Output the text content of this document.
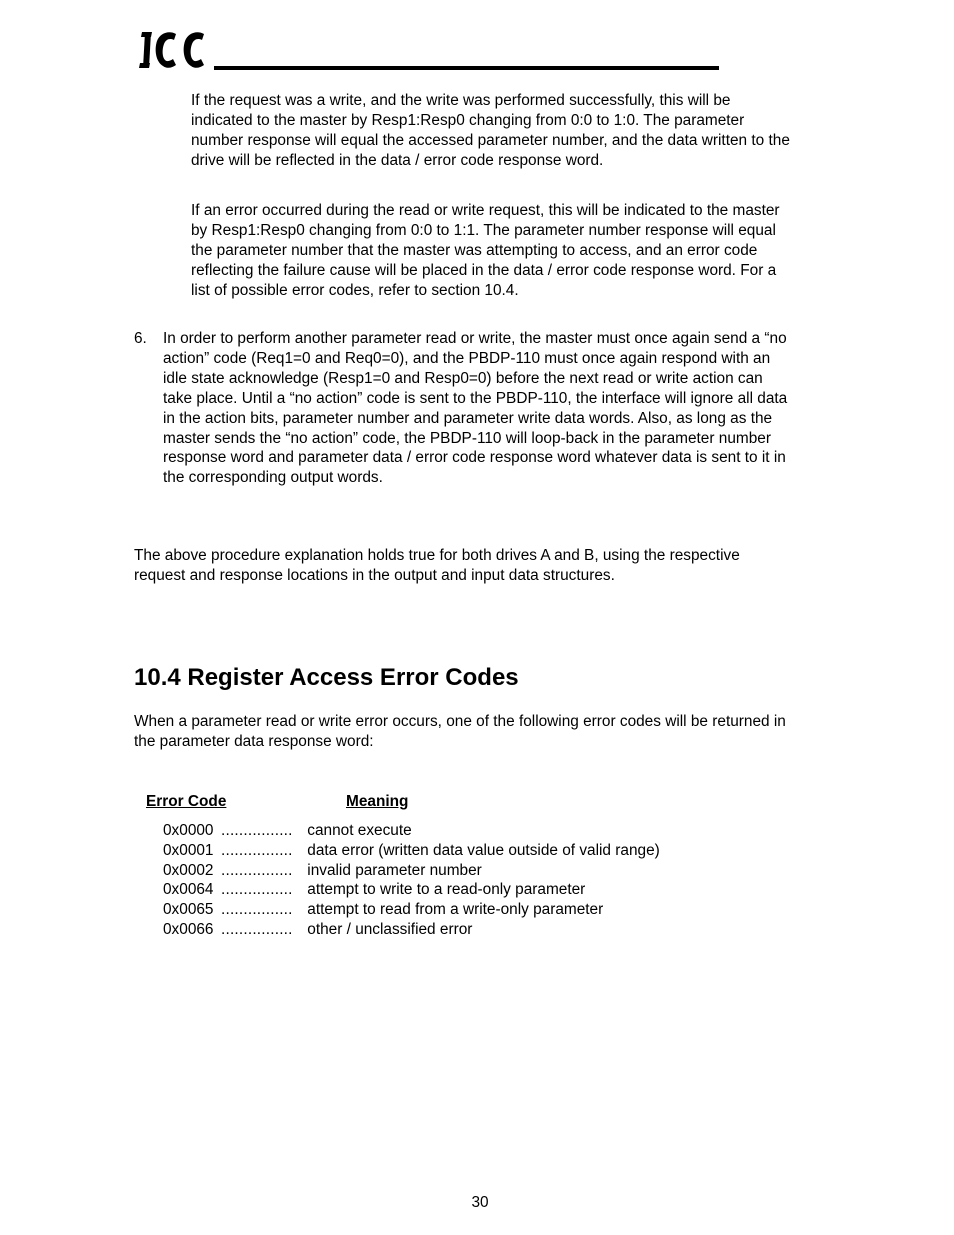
If the request was a write, and the write was performed successfully, this will be indicated to the master by Resp1:Resp0 changing from 0:0 to 1:0. The parameter number response will equal the accessed parameter number, and the data written to the drive will be reflected in the data / error code response word.

If an error occurred during the read or write request, this will be indicated to the master by Resp1:Resp0 changing from 0:0 to 1:1. The parameter number response will equal the parameter number that the master was attempting to access, and an error code reflecting the failure cause will be placed in the data / error code response word. For a list of possible error codes, refer to section 10.4.

6. In order to perform another parameter read or write, the master must once again send a “no action” code (Req1=0 and Req0=0), and the PBDP-110 must once again respond with an idle state acknowledge (Resp1=0 and Resp0=0) before the next read or write action can take place. Until a “no action” code is sent to the PBDP-110, the interface will ignore all data in the action bits, parameter number and parameter write data words. Also, as long as the master sends the “no action” code, the PBDP-110 will loop-back in the parameter number response word and parameter data / error code response word whatever data is sent to it in the corresponding output words.

The above procedure explanation holds true for both drives A and B, using the respective request and response locations in the output and input data structures.

10.4 Register Access Error Codes

When a parameter read or write error occurs, one of the following error codes will be returned in the parameter data response word:

Error Code	Meaning
0x0000 ................ cannot execute
0x0001 ................ data error (written data value outside of valid range)
0x0002 ................ invalid parameter number
0x0064 ................ attempt to write to a read-only parameter
0x0065 ................ attempt to read from a write-only parameter
0x0066 ................ other / unclassified error
30
